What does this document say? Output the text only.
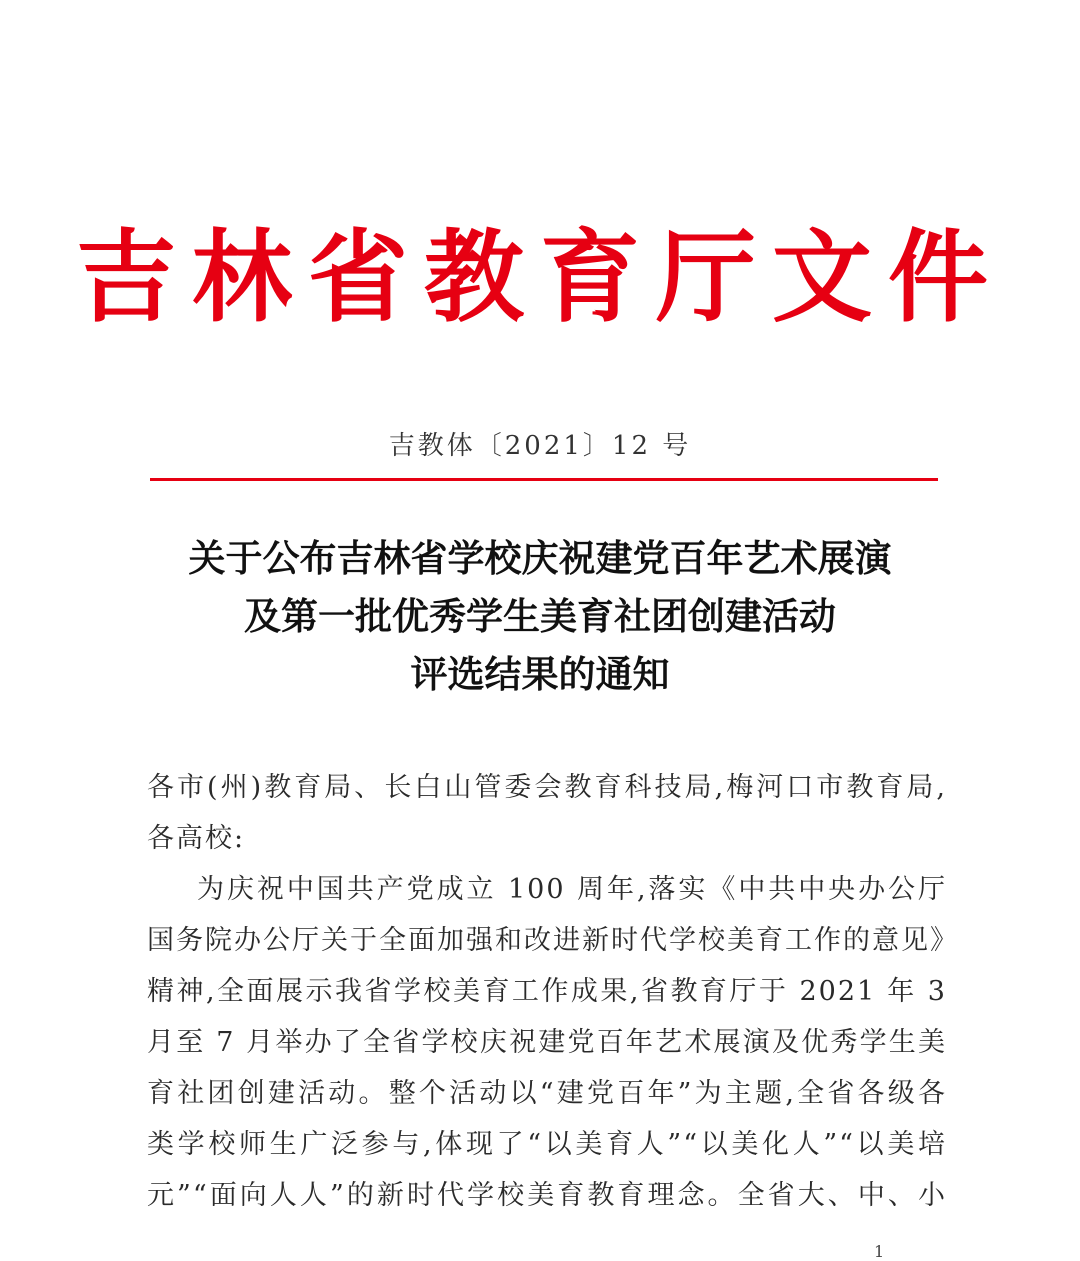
吉林省教育厅文件
吉教体〔2021〕12 号
关于公布吉林省学校庆祝建党百年艺术展演
及第一批优秀学生美育社团创建活动
评选结果的通知
各市(州)教育局、长白山管委会教育科技局,梅河口市教育局,
各高校:
为庆祝中国共产党成立 100 周年,落实《中共中央办公厅
国务院办公厅关于全面加强和改进新时代学校美育工作的意见》
精神,全面展示我省学校美育工作成果,省教育厅于 2021 年 3
月至 7 月举办了全省学校庆祝建党百年艺术展演及优秀学生美
育社团创建活动。整个活动以“建党百年”为主题,全省各级各
类学校师生广泛参与,体现了“以美育人”“以美化人”“以美培
元”“面向人人”的新时代学校美育教育理念。全省大、中、小
1
